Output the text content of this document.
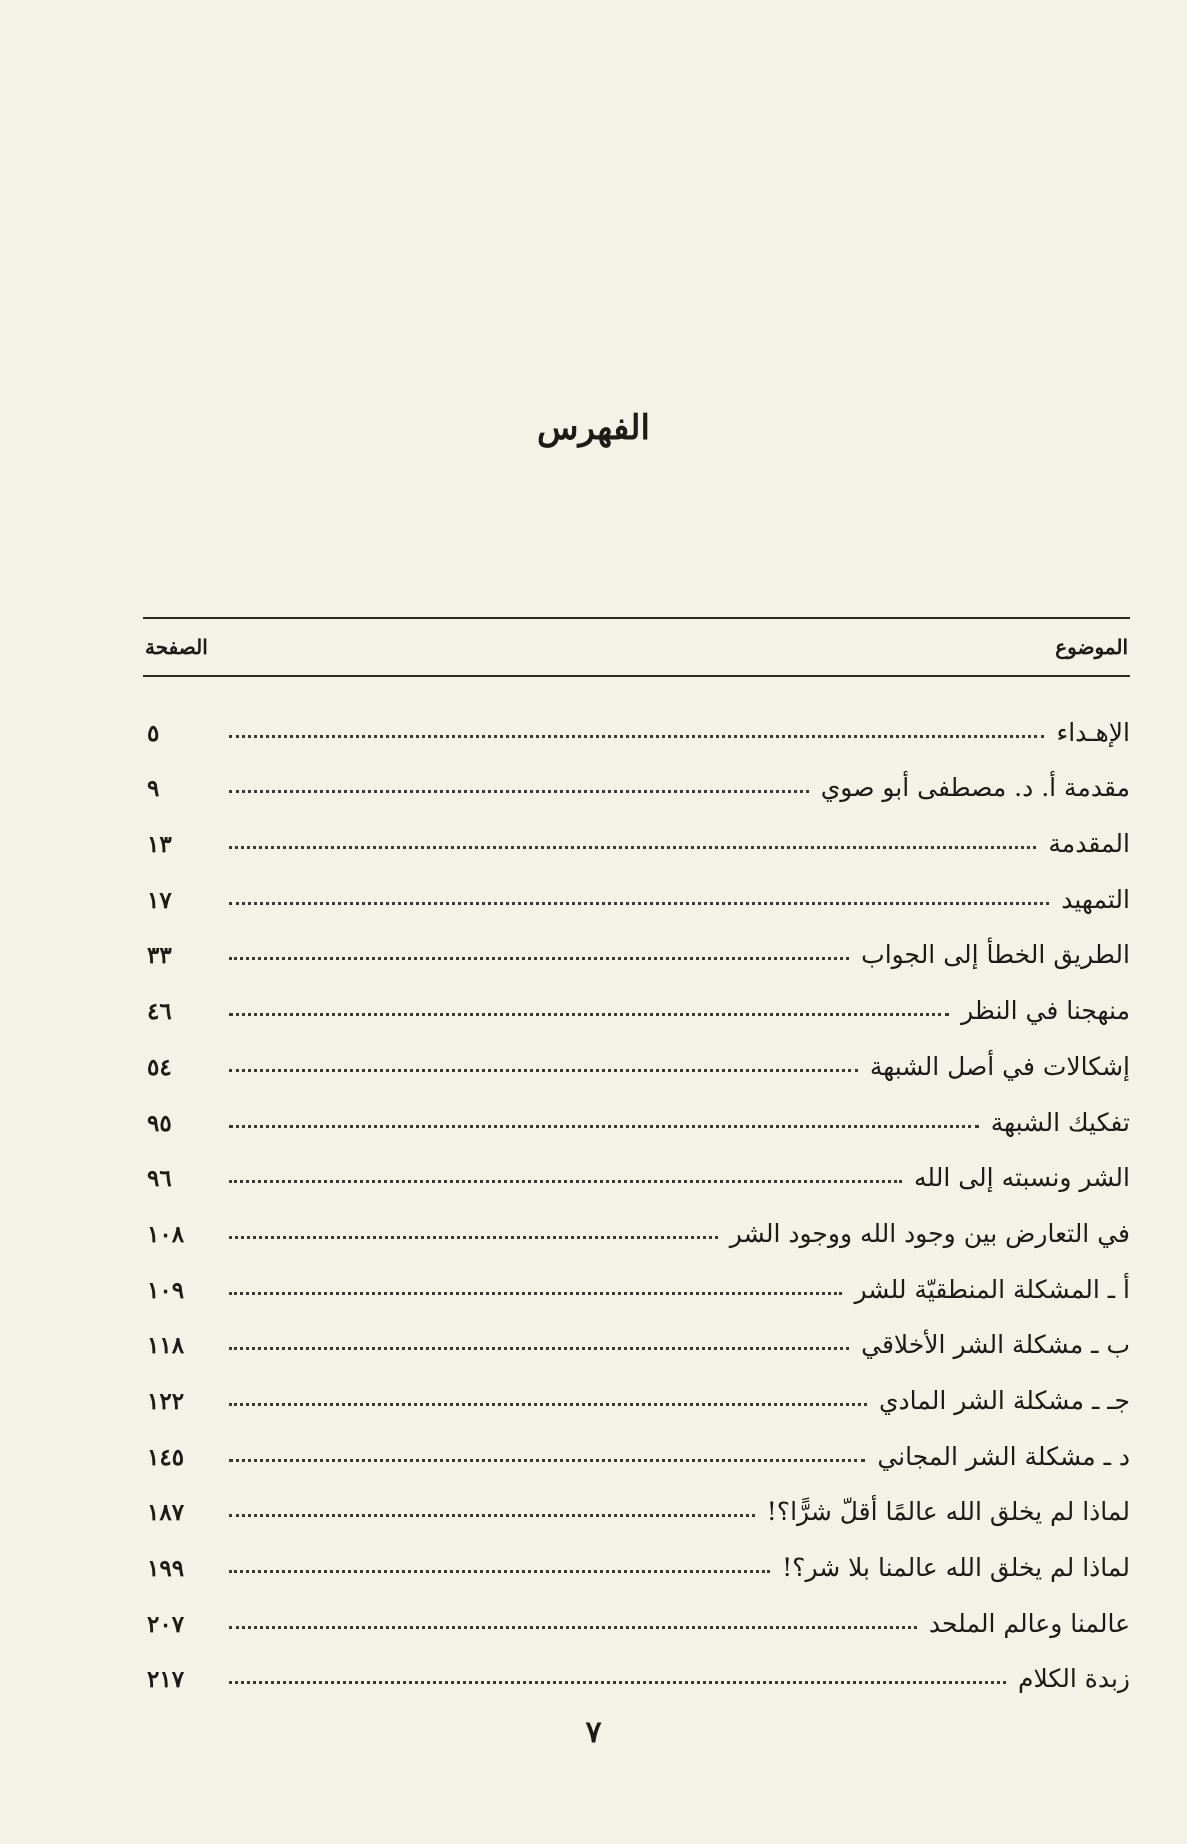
الفهرس
الموضوع
الصفحة
الإهـداء
٥
مقدمة أ. د. مصطفى أبو صوي
٩
المقدمة
١٣
التمهيد
١٧
الطريق الخطأ إلى الجواب
٣٣
منهجنا في النظر
٤٦
إشكالات في أصل الشبهة
٥٤
تفكيك الشبهة
٩٥
الشر ونسبته إلى الله
٩٦
في التعارض بين وجود الله ووجود الشر
١٠٨
أ ـ المشكلة المنطقيّة للشر
١٠٩
ب ـ مشكلة الشر الأخلاقي
١١٨
جـ ـ مشكلة الشر المادي
١٢٢
د ـ مشكلة الشر المجاني
١٤٥
لماذا لم يخلق الله عالمًا أقلّ شرًّا؟!
١٨٧
لماذا لم يخلق الله عالمنا بلا شر؟!
١٩٩
عالمنا وعالم الملحد
٢٠٧
زبدة الكلام
٢١٧
٧
